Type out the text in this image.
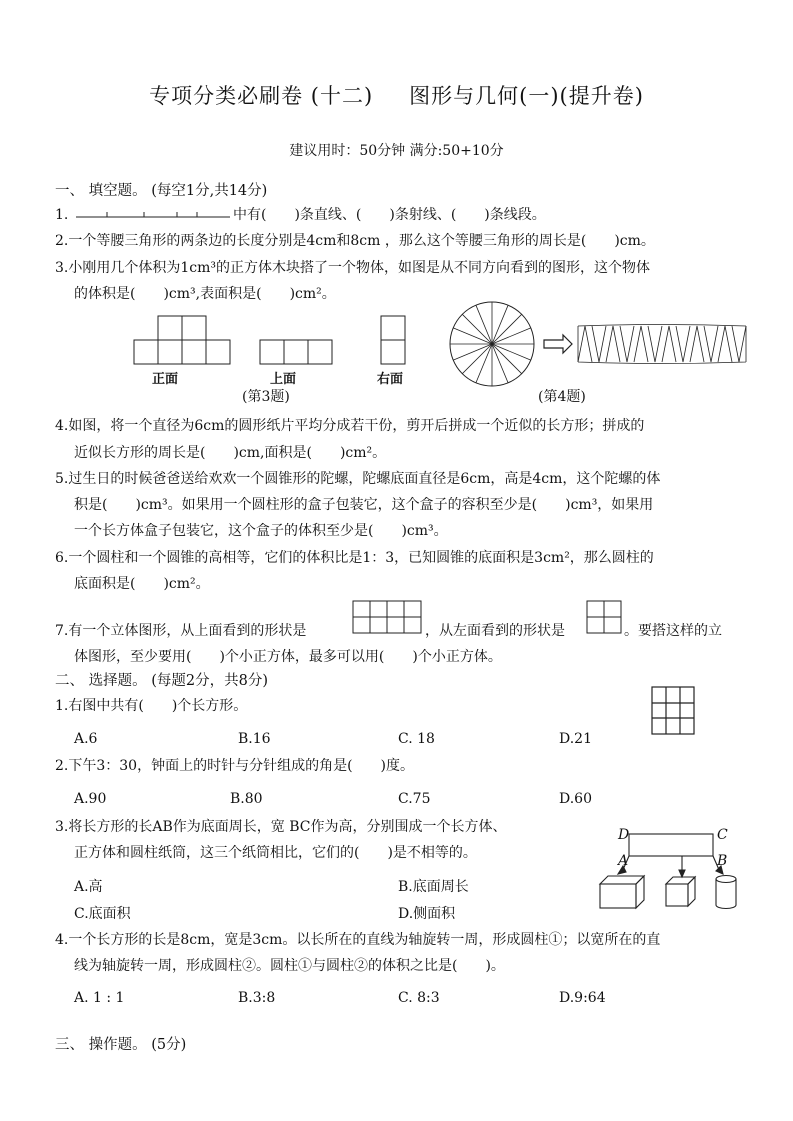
专项分类必刷卷 (十二) 图形与几何(一)(提升卷)
建议用时：50分钟 满分:50+10分
一、 填空题。 (每空1分,共14分)
1.	中有(　　)条直线、(　　)条射线、(　　)条线段。
2.一个等腰三角形的两条边的长度分别是4cm和8cm ，那么这个等腰三角形的周长是(　　)cm。
3.小刚用几个体积为1cm³的正方体木块搭了一个物体，如图是从不同方向看到的图形，这个物体
的体积是(　　)cm³,表面积是(　　)cm²。
正面	上面	右面
(第3题)	(第4题)
4.如图，将一个直径为6cm的圆形纸片平均分成若干份，剪开后拼成一个近似的长方形；拼成的
近似长方形的周长是(　　)cm,面积是(　　)cm²。
5.过生日的时候爸爸送给欢欢一个圆锥形的陀螺，陀螺底面直径是6cm，高是4cm，这个陀螺的体
积是(　　)cm³。如果用一个圆柱形的盒子包装它，这个盒子的容积至少是(　　)cm³，如果用
一个长方体盒子包装它，这个盒子的体积至少是(　　)cm³。
6.一个圆柱和一个圆锥的高相等，它们的体积比是1：3，已知圆锥的底面积是3cm²，那么圆柱的
底面积是(　　)cm²。
7.有一个立体图形，从上面看到的形状是	，从左面看到的形状是	。要搭这样的立
体图形，至少要用(　　)个小正方体，最多可以用(　　)个小正方体。
二、 选择题。 (每题2分，共8分)
1.右图中共有(　　)个长方形。
A.6	B.16	C. 18	D.21
2.下午3：30，钟面上的时针与分针组成的角是(　　)度。
A.90	B.80	C.75	D.60
3.将长方形的长AB作为底面周长，宽 BC作为高，分别围成一个长方体、
正方体和圆柱纸筒，这三个纸筒相比，它们的(　　)是不相等的。
D	C
A	B
A.高	B.底面周长
C.底面积	D.侧面积
4.一个长方形的长是8cm，宽是3cm。以长所在的直线为轴旋转一周，形成圆柱①；以宽所在的直
线为轴旋转一周，形成圆柱②。圆柱①与圆柱②的体积之比是(　　)。
A. 1 : 1	B.3:8	C. 8:3	D.9:64
三、 操作题。 (5分)
